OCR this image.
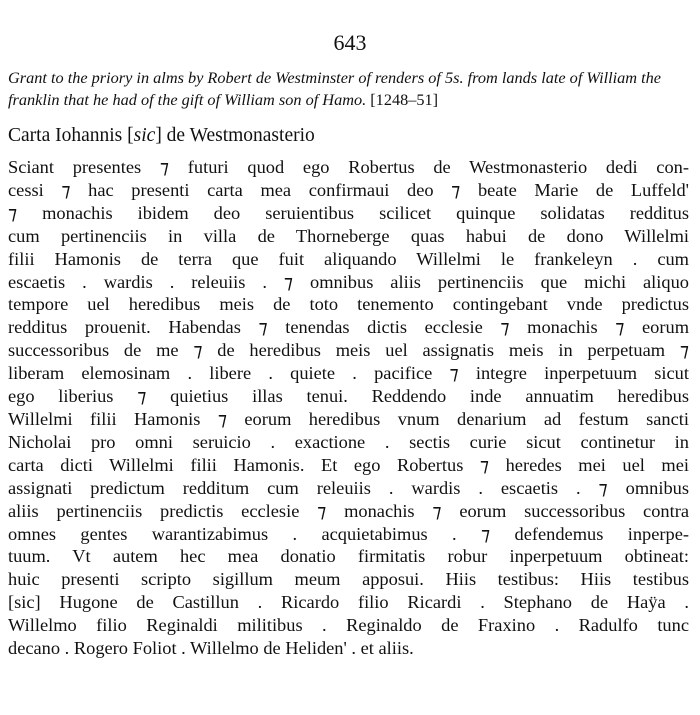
643
Grant to the priory in alms by Robert de Westminster of renders of 5s. from lands late of William the franklin that he had of the gift of William son of Hamo. [1248–51]
Carta Iohannis [sic] de Westmonasterio
Sciant presentes ⁊ futuri quod ego Robertus de Westmonasterio dedi con-
cessi ⁊ hac presenti carta mea confirmaui deo ⁊ beate Marie de Luffeld'
⁊ monachis ibidem deo seruientibus scilicet quinque solidatas redditus
cum pertinenciis in villa de Thorneberge quas habui de dono Willelmi
filii Hamonis de terra que fuit aliquando Willelmi le frankeleyn . cum
escaetis . wardis . releuiis . ⁊ omnibus aliis pertinenciis que michi aliquo
tempore uel heredibus meis de toto tenemento contingebant vnde predictus
redditus prouenit. Habendas ⁊ tenendas dictis ecclesie ⁊ monachis ⁊ eorum
successoribus de me ⁊ de heredibus meis uel assignatis meis in perpetuam ⁊
liberam elemosinam . libere . quiete . pacifice ⁊ integre inperpetuum sicut
ego liberius ⁊ quietius illas tenui. Reddendo inde annuatim heredibus
Willelmi filii Hamonis ⁊ eorum heredibus vnum denarium ad festum sancti
Nicholai pro omni seruicio . exactione . sectis curie sicut continetur in
carta dicti Willelmi filii Hamonis. Et ego Robertus ⁊ heredes mei uel mei
assignati predictum redditum cum releuiis . wardis . escaetis . ⁊ omnibus
aliis pertinenciis predictis ecclesie ⁊ monachis ⁊ eorum successoribus contra
omnes gentes warantizabimus . acquietabimus . ⁊ defendemus inperpe-
tuum. Vt autem hec mea donatio firmitatis robur inperpetuum obtineat:
huic presenti scripto sigillum meum apposui. Hiis testibus: Hiis testibus
[sic] Hugone de Castillun . Ricardo filio Ricardi . Stephano de Haÿa .
Willelmo filio Reginaldi militibus . Reginaldo de Fraxino . Radulfo tunc
decano . Rogero Foliot . Willelmo de Heliden' . et aliis.
